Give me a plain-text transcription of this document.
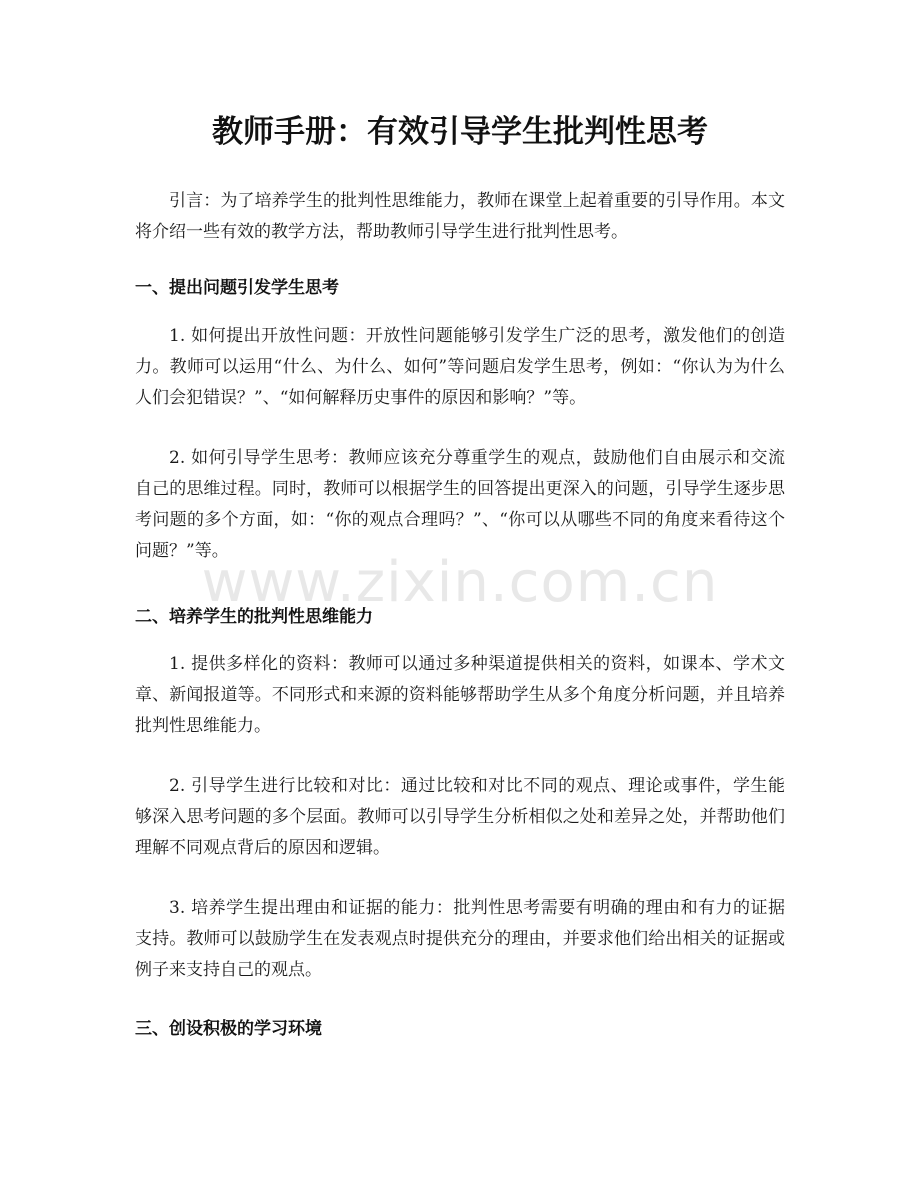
教师手册：有效引导学生批判性思考

引言：为了培养学生的批判性思维能力，教师在课堂上起着重要的引导作用。本文将介绍一些有效的教学方法，帮助教师引导学生进行批判性思考。

一、提出问题引发学生思考

1. 如何提出开放性问题：开放性问题能够引发学生广泛的思考，激发他们的创造力。教师可以运用“什么、为什么、如何”等问题启发学生思考，例如：“你认为为什么人们会犯错误？”、“如何解释历史事件的原因和影响？”等。

2. 如何引导学生思考：教师应该充分尊重学生的观点，鼓励他们自由展示和交流自己的思维过程。同时，教师可以根据学生的回答提出更深入的问题，引导学生逐步思考问题的多个方面，如：“你的观点合理吗？”、“你可以从哪些不同的角度来看待这个问题？”等。

二、培养学生的批判性思维能力

1. 提供多样化的资料：教师可以通过多种渠道提供相关的资料，如课本、学术文章、新闻报道等。不同形式和来源的资料能够帮助学生从多个角度分析问题，并且培养批判性思维能力。

2. 引导学生进行比较和对比：通过比较和对比不同的观点、理论或事件，学生能够深入思考问题的多个层面。教师可以引导学生分析相似之处和差异之处，并帮助他们理解不同观点背后的原因和逻辑。

3. 培养学生提出理由和证据的能力：批判性思考需要有明确的理由和有力的证据支持。教师可以鼓励学生在发表观点时提供充分的理由，并要求他们给出相关的证据或例子来支持自己的观点。

三、创设积极的学习环境
www.zixin.com.cn
